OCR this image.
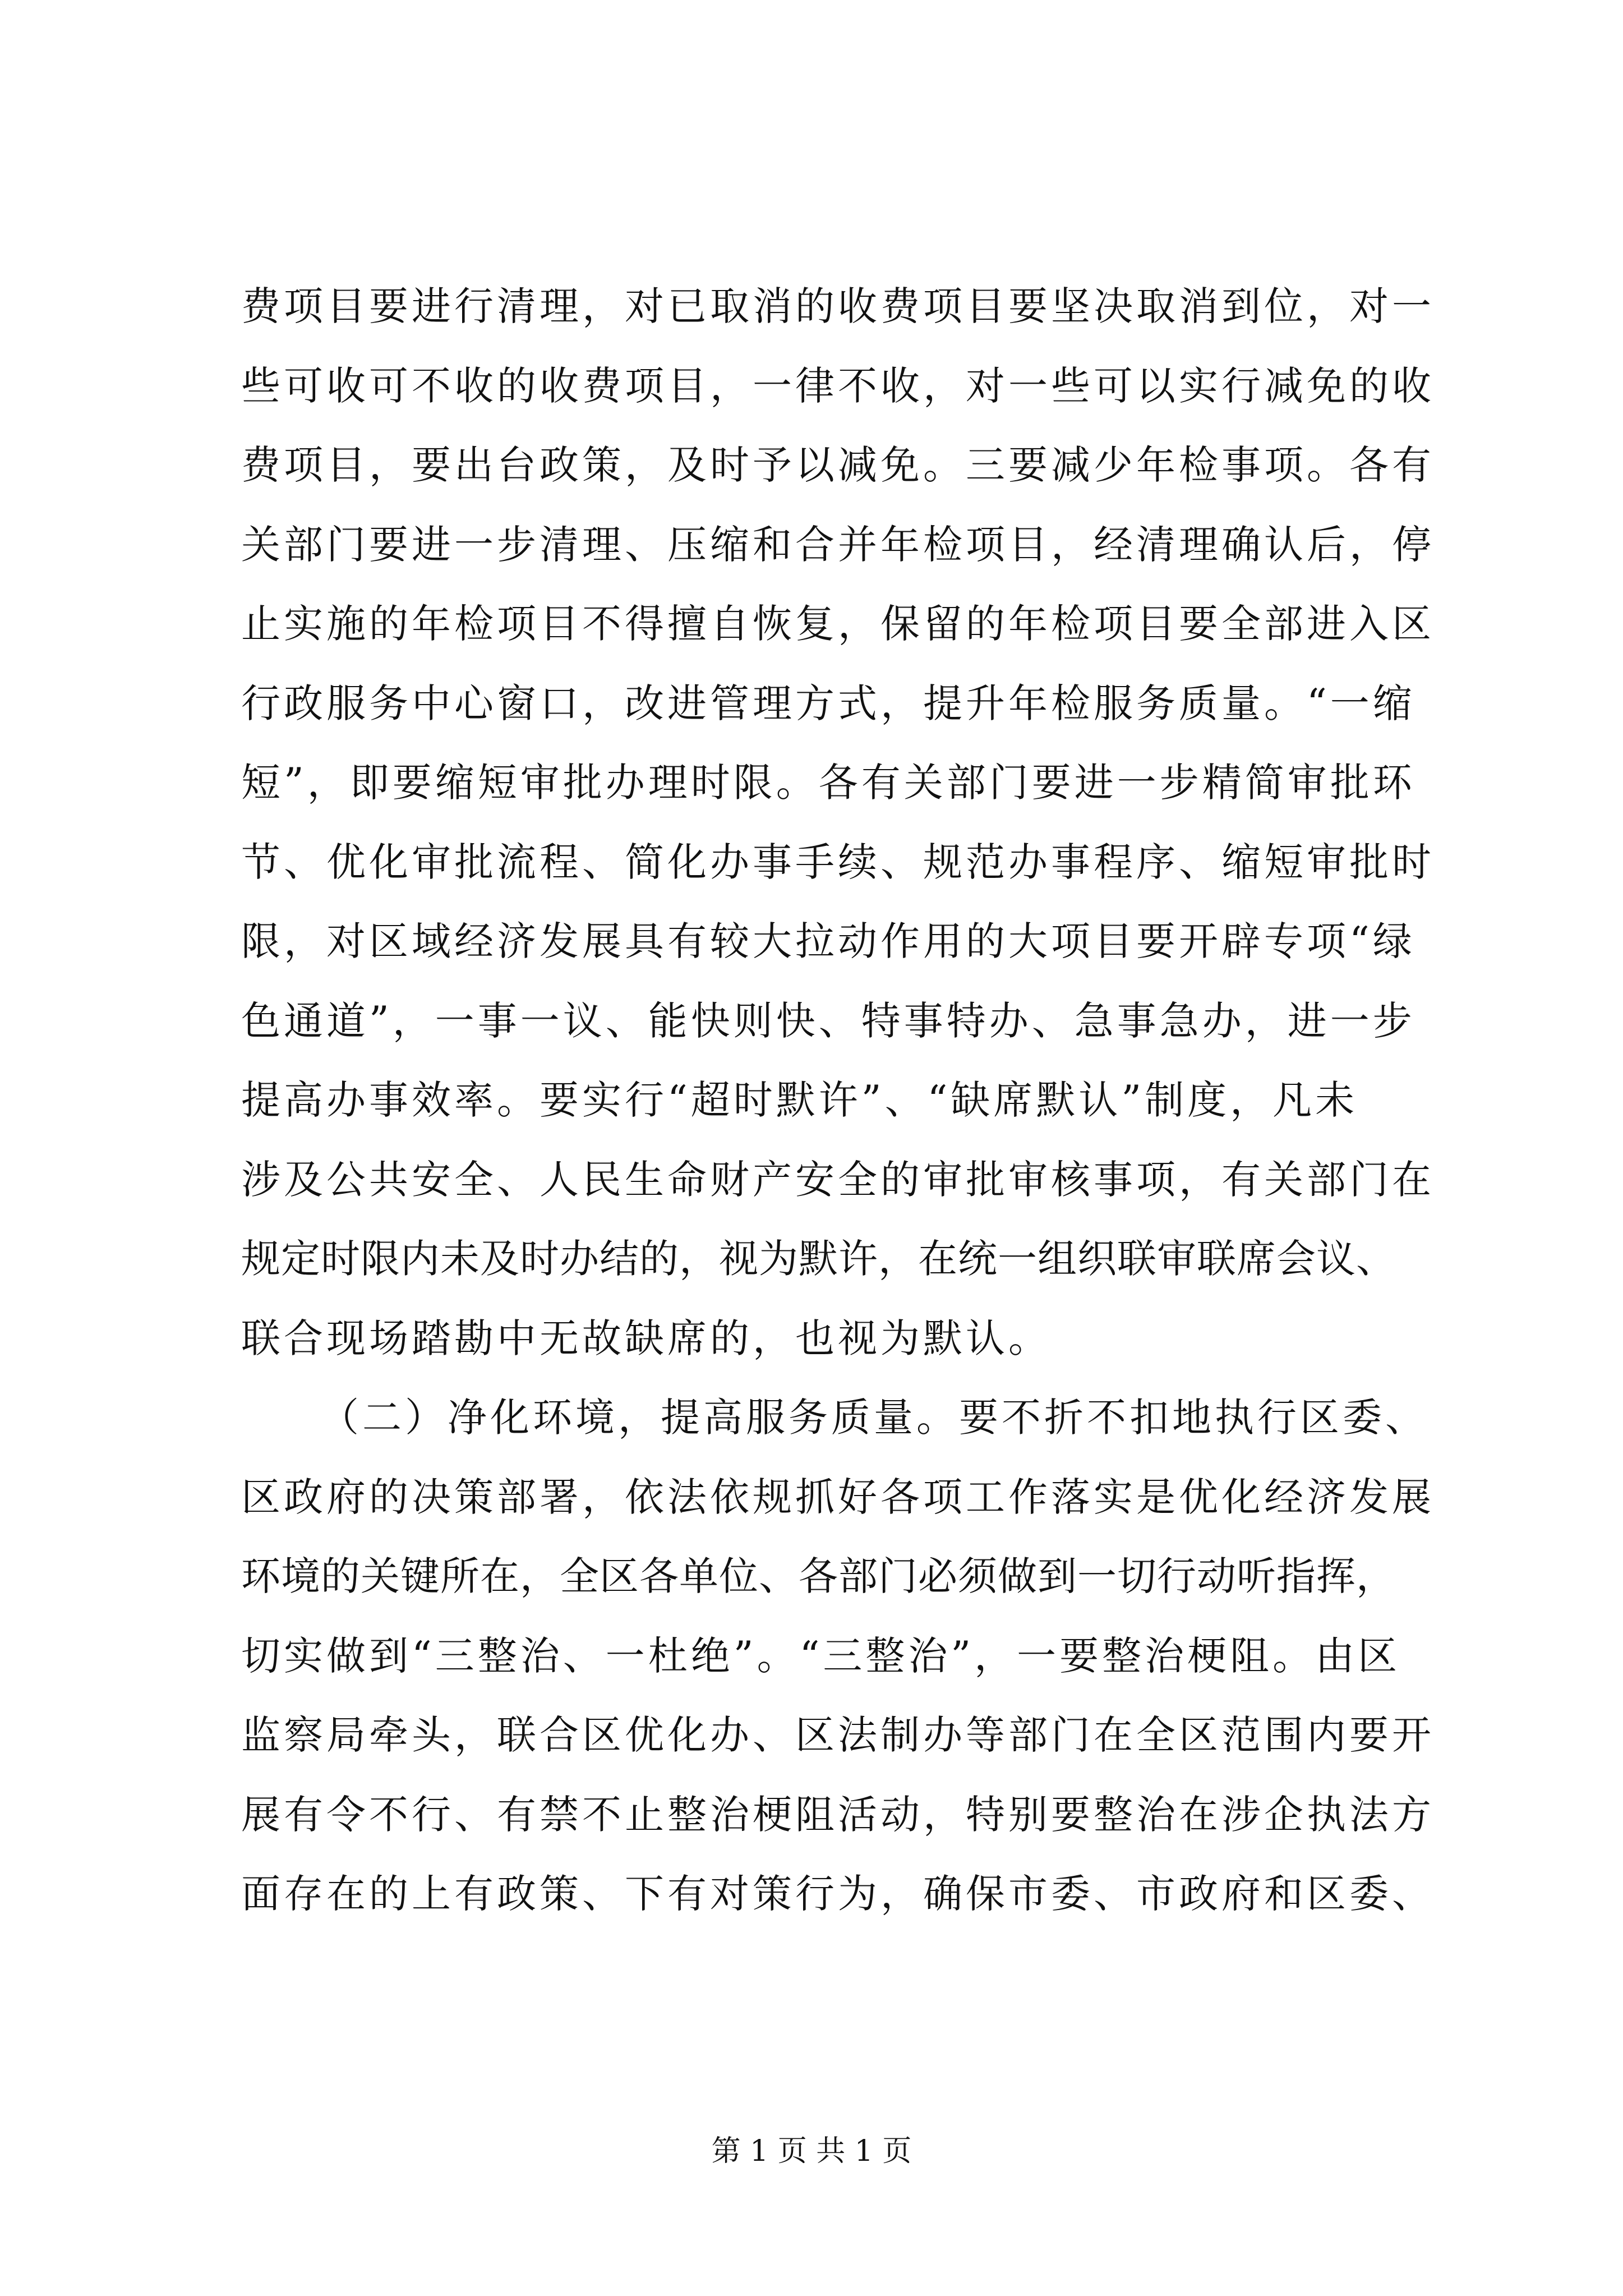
费项目要进行清理，对已取消的收费项目要坚决取消到位，对一
些可收可不收的收费项目，一律不收，对一些可以实行减免的收
费项目，要出台政策，及时予以减免。三要减少年检事项。各有
关部门要进一步清理、压缩和合并年检项目，经清理确认后，停
止实施的年检项目不得擅自恢复，保留的年检项目要全部进入区
行政服务中心窗口，改进管理方式，提升年检服务质量。“一缩
短”，即要缩短审批办理时限。各有关部门要进一步精简审批环
节、优化审批流程、简化办事手续、规范办事程序、缩短审批时
限，对区域经济发展具有较大拉动作用的大项目要开辟专项“绿
色通道”，一事一议、能快则快、特事特办、急事急办，进一步
提高办事效率。要实行“超时默许”、“缺席默认”制度，凡未
涉及公共安全、人民生命财产安全的审批审核事项，有关部门在
规定时限内未及时办结的，视为默许，在统一组织联审联席会议、
联合现场踏勘中无故缺席的，也视为默认。
（二）净化环境，提高服务质量。要不折不扣地执行区委、
区政府的决策部署，依法依规抓好各项工作落实是优化经济发展
环境的关键所在，全区各单位、各部门必须做到一切行动听指挥，
切实做到“三整治、一杜绝”。“三整治”，一要整治梗阻。由区
监察局牵头，联合区优化办、区法制办等部门在全区范围内要开
展有令不行、有禁不止整治梗阻活动，特别要整治在涉企执法方
面存在的上有政策、下有对策行为，确保市委、市政府和区委、
第 1 页 共 1 页
